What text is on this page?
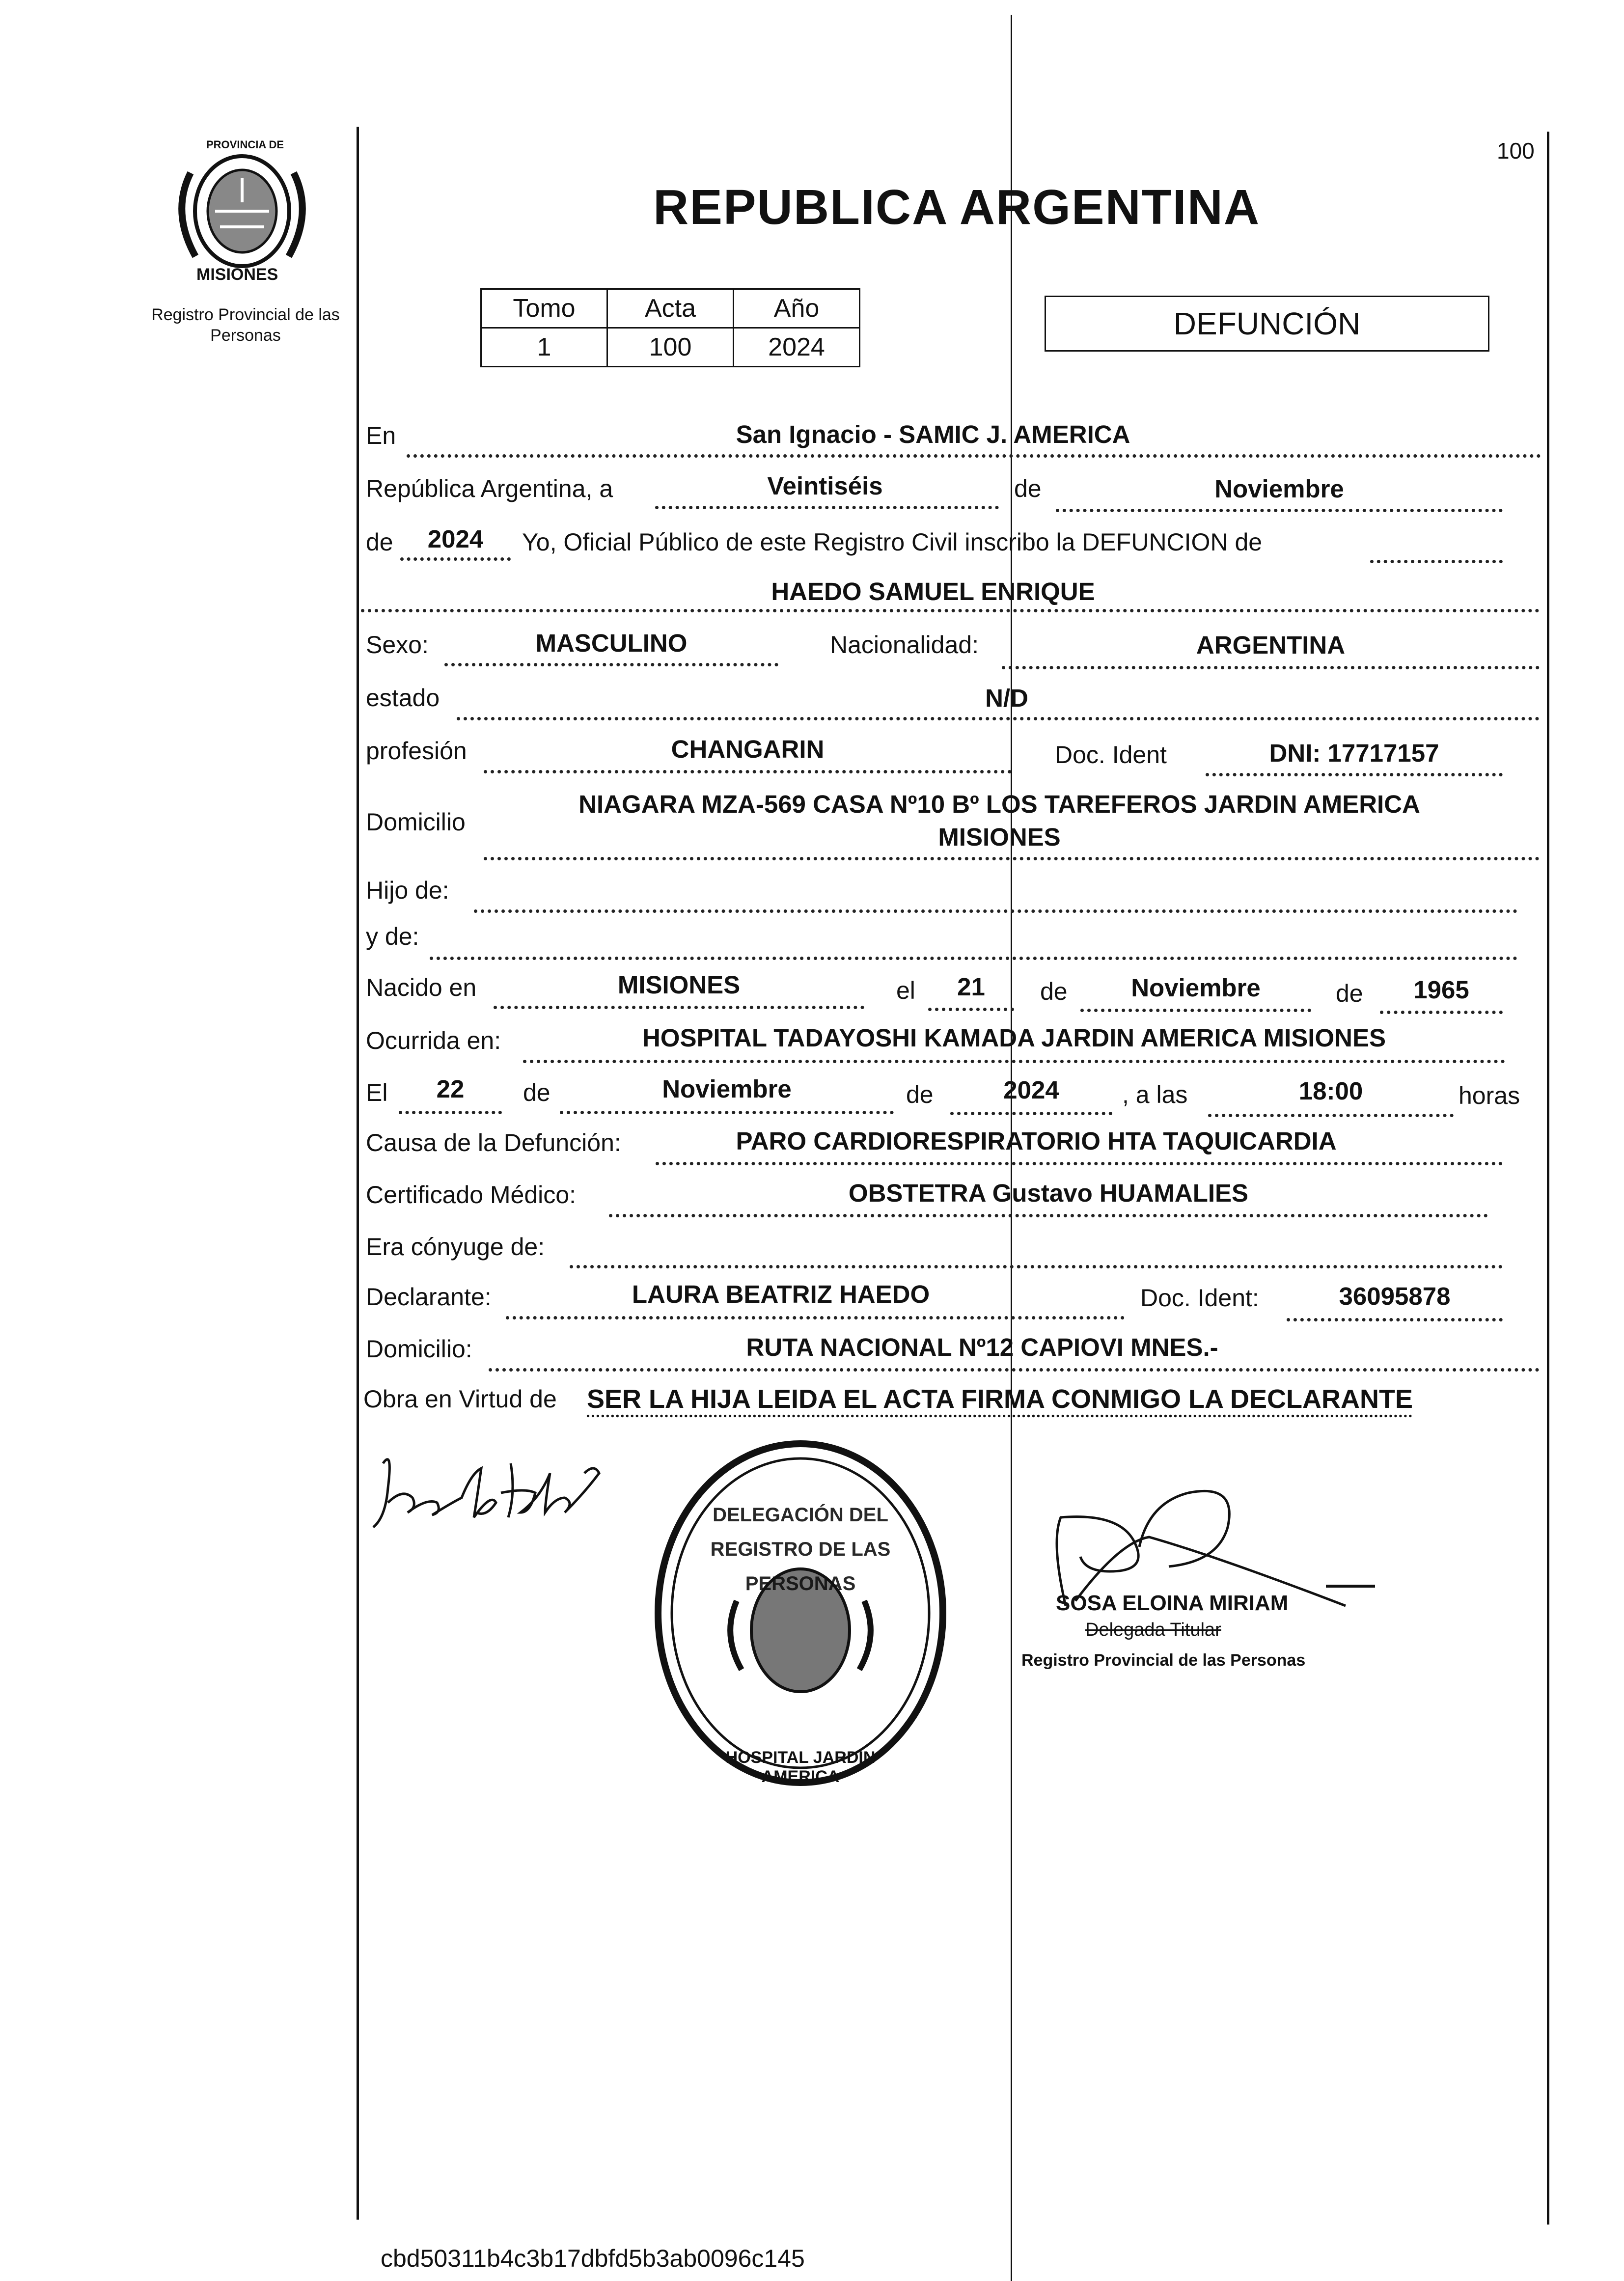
PROVINCIA DE
MISIONES
Registro Provincial de las Personas
100
REPUBLICA ARGENTINA
Tomo	Acta	Año
1	100	2024
DEFUNCIÓN
En	San Ignacio - SAMIC J. AMERICA
República Argentina, a	Veintiséis	de	Noviembre
de	2024	Yo, Oficial Público de este Registro Civil inscribo la DEFUNCION de
HAEDO SAMUEL ENRIQUE
Sexo:	MASCULINO	Nacionalidad:	ARGENTINA
estado	N/D
profesión	CHANGARIN	Doc. Ident	DNI: 17717157
Domicilio
NIAGARA MZA-569 CASA Nº10 Bº LOS TAREFEROS JARDIN AMERICA
MISIONES
Hijo de:
y de:
Nacido en	MISIONES	el	21	de	Noviembre	de	1965
Ocurrida en:	HOSPITAL TADAYOSHI KAMADA JARDIN AMERICA MISIONES
El	22	de	Noviembre	de	2024	, a las	18:00	horas
Causa de la Defunción:	PARO CARDIORESPIRATORIO HTA TAQUICARDIA
Certificado Médico:	OBSTETRA Gustavo HUAMALIES
Era cónyuge de:
Declarante:	LAURA BEATRIZ HAEDO	Doc. Ident:	36095878
Domicilio:	RUTA NACIONAL Nº12 CAPIOVI MNES.-
Obra en Virtud de SER LA HIJA LEIDA EL ACTA FIRMA CONMIGO LA DECLARANTE
DELEGACIÓN DEL REGISTRO DE LAS PERSONAS
HOSPITAL JARDIN AMERICA
SOSA ELOINA MIRIAM
Delegada Titular
Registro Provincial de las Personas
cbd50311b4c3b17dbfd5b3ab0096c145
